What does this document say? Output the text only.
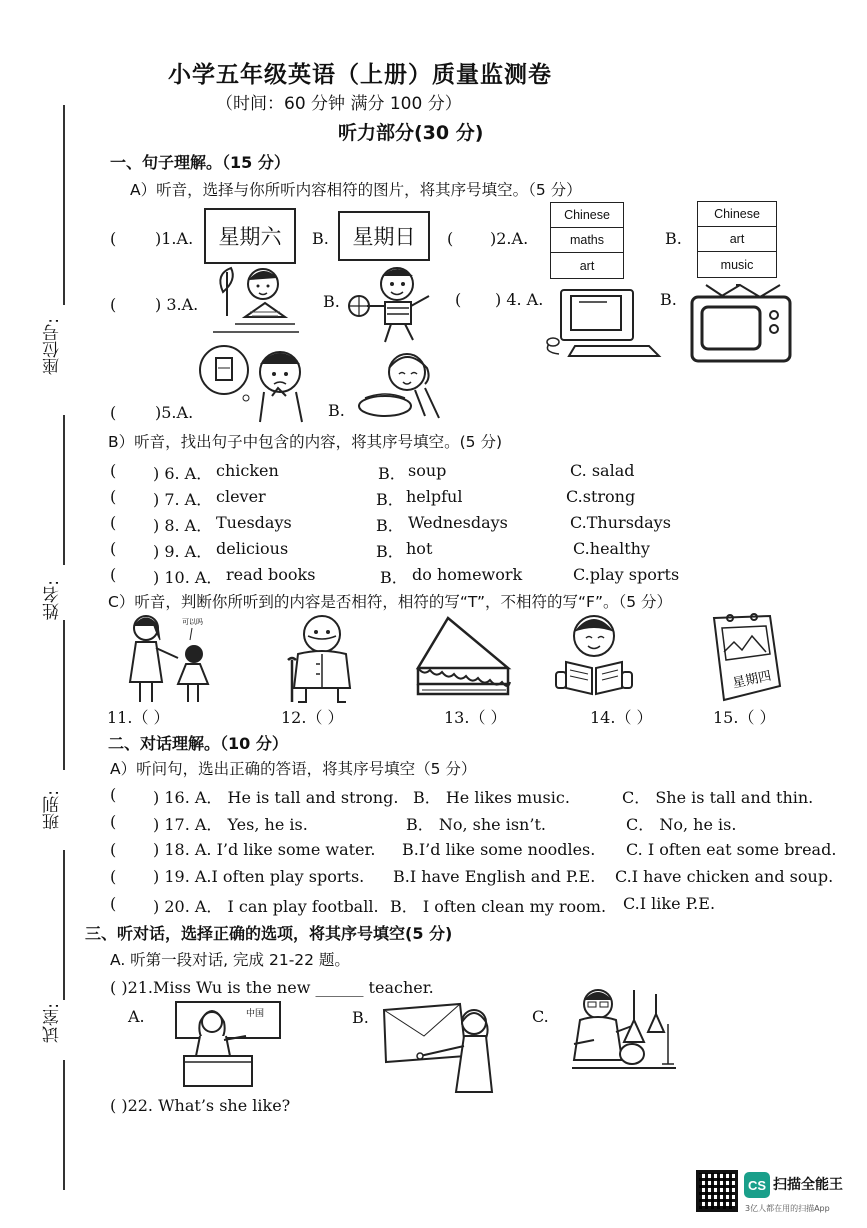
座位号:
姓名:
班别:
试室:
小学五年级英语（上册）质量监测卷
（时间：60 分钟 满分 100 分）
听力部分(30 分)
一、句子理解。（15 分）
A）听音，选择与你所听内容相符的图片，将其序号填空。（5 分）
( )1.A.	星期六	B.	星期日	( )2.A.
Chinese
maths
art
B.
Chinese
art
music
( ) 3.A.	B.	( ) 4. A.	B.
( )5.A.	B.
B）听音，找出句子中包含的内容，将其序号填空。(5 分)
( ) 6. A． chicken	B． soup	C. salad
( ) 7. A． clever	B． helpful	C.strong
( ) 8. A． Tuesdays	B． Wednesdays	C.Thursdays
( ) 9. A． delicious	B． hot	C.healthy
( ) 10. A． read books	B． do homework	C.play sports
C）听音，判断你所听到的内容是否相符，相符的写“T”，不相符的写“F”。（5 分）
可以吗
星期四
11.（ ）	12.（ ）	13.（ ）	14.（ ）	15.（ ）
二、对话理解。（10 分）
A）听问句，选出正确的答语，将其序号填空（5 分）
( ) 16. A． He is tall and strong. B． He likes music.	C． She is tall and thin.
( ) 17. A． Yes, he is.	B． No, she isn’t.	C． No, he is.
( ) 18. A. I’d like some water. B.I’d like some noodles. C. I often eat some bread.
( ) 19. A.I often play sports. B.I have English and P.E. C.I have chicken and soup.
( ) 20. A． I can play football. B． I often clean my room. C.I like P.E.
三、听对话，选择正确的选项，将其序号填空(5 分)
A. 听第一段对话, 完成 21-22 题。
( )21.Miss Wu is the new ______ teacher.
A.	中国	B.	C.
( )22. What’s she like?
CS 扫描全能王
3亿人都在用的扫描App
